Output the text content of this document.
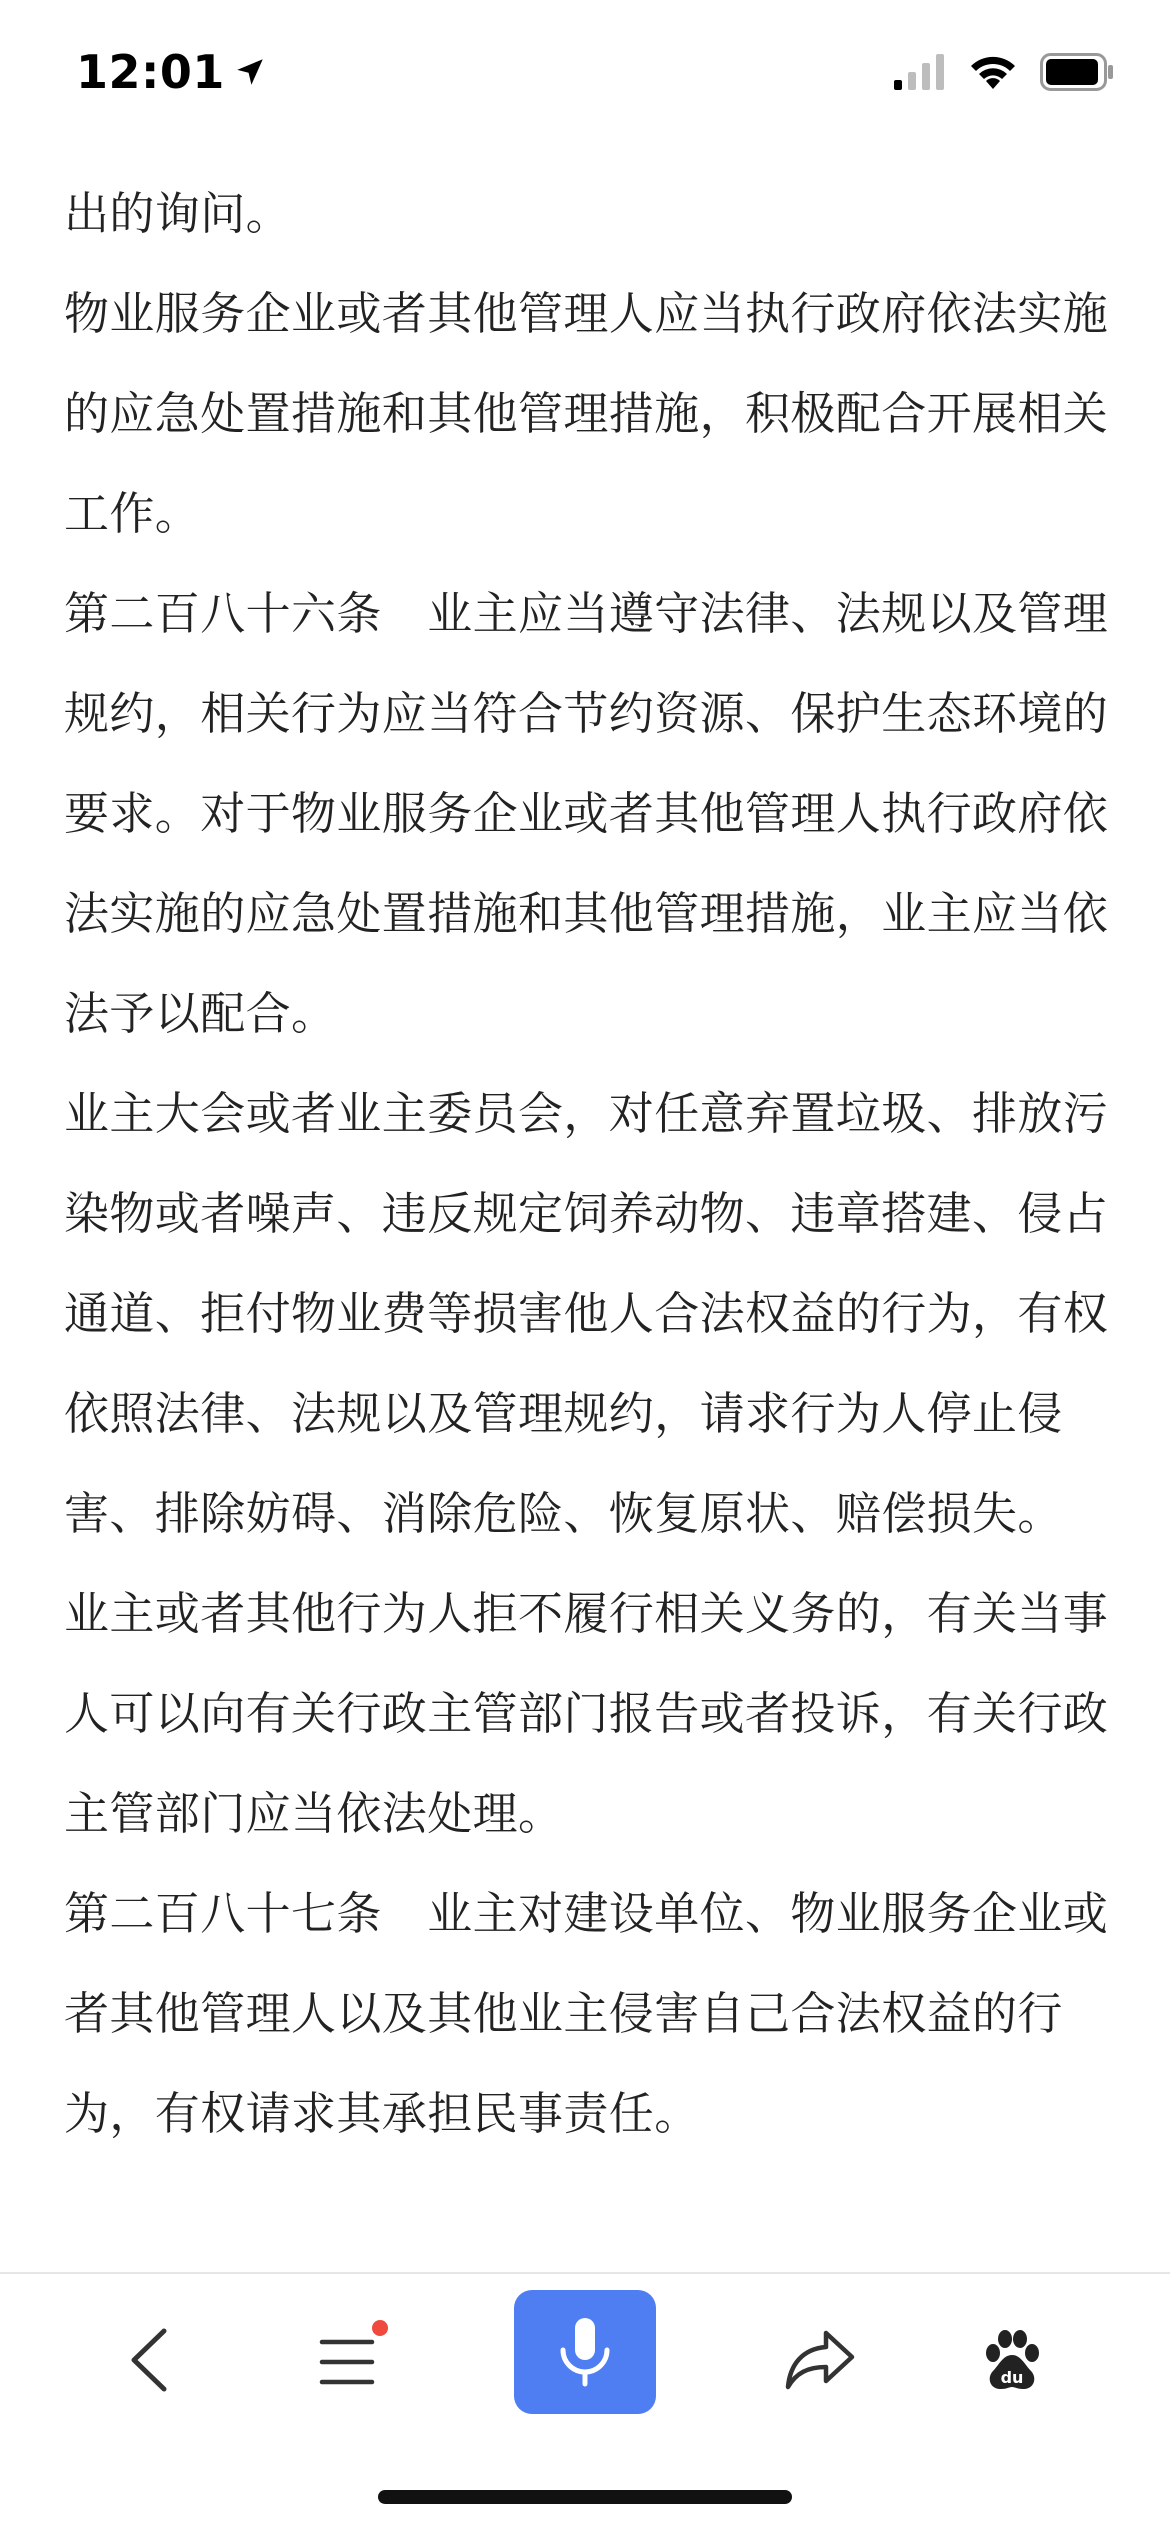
12:01

出的询问。

物业服务企业或者其他管理人应当执行政府依法实施的应急处置措施和其他管理措施，积极配合开展相关工作。

第二百八十六条　业主应当遵守法律、法规以及管理规约，相关行为应当符合节约资源、保护生态环境的要求。对于物业服务企业或者其他管理人执行政府依法实施的应急处置措施和其他管理措施，业主应当依法予以配合。

业主大会或者业主委员会，对任意弃置垃圾、排放污染物或者噪声、违反规定饲养动物、违章搭建、侵占通道、拒付物业费等损害他人合法权益的行为，有权依照法律、法规以及管理规约，请求行为人停止侵害、排除妨碍、消除危险、恢复原状、赔偿损失。

业主或者其他行为人拒不履行相关义务的，有关当事人可以向有关行政主管部门报告或者投诉，有关行政主管部门应当依法处理。

第二百八十七条　业主对建设单位、物业服务企业或者其他管理人以及其他业主侵害自己合法权益的行为，有权请求其承担民事责任。

du
